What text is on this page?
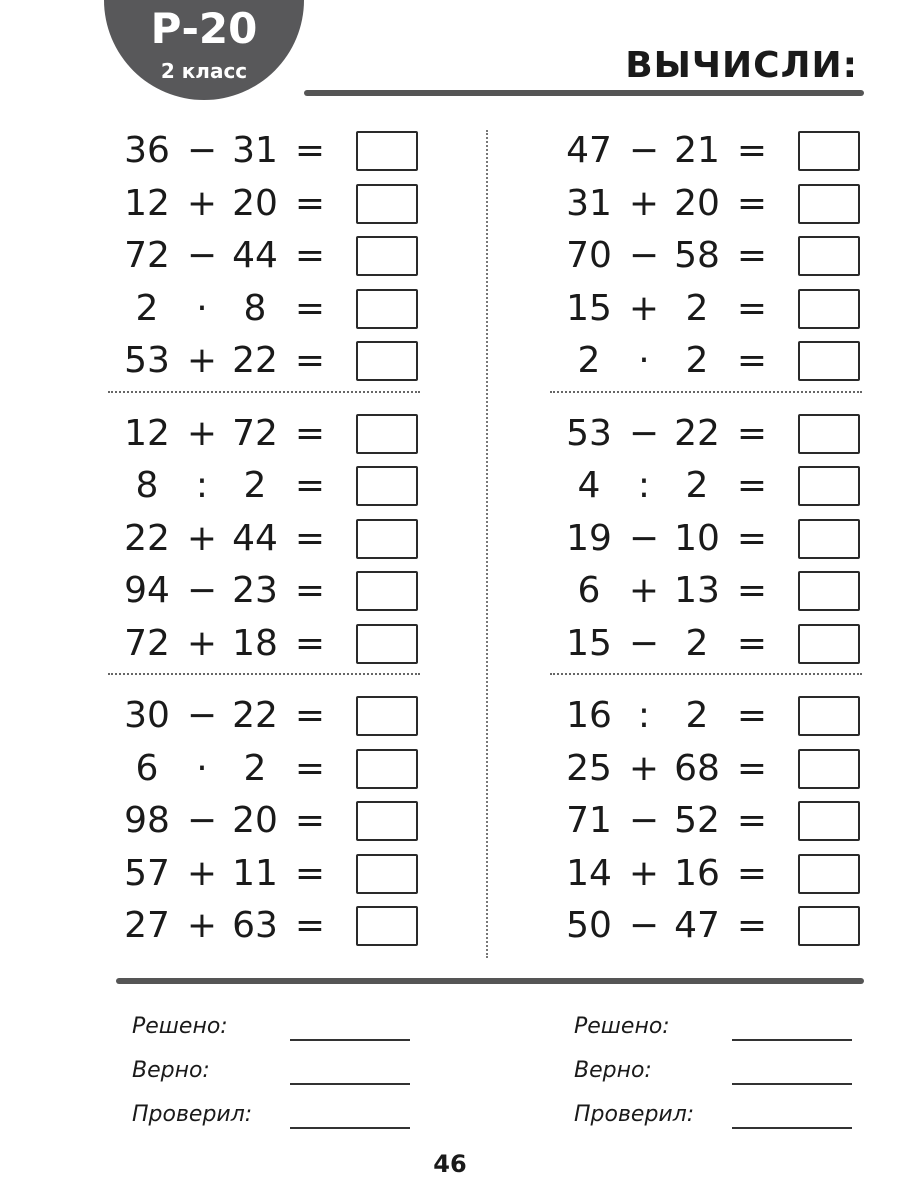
Р-20
2 класс	ВЫЧИСЛИ:
36 − 31 =
12 + 20 =
72 − 44 =
2	· 8 =
53 + 22 =
12 + 72 =
8	: 2 =
22 + 44 =
94 − 23 =
72 + 18 =
30 − 22 =
6	· 2 =
98 − 20 =
57 + 11 =
27 + 63 =
47 − 21 =
31 + 20 =
70 − 58 =
15 + 2 =
2	· 2 =
53 − 22 =
4	: 2 =
19 − 10 =
6 + 13 =
15 − 2 =
16 : 2 =
25 + 68 =
71 − 52 =
14 + 16 =
50 − 47 =
Решено:
Верно:
Проверил:
Решено:
Верно:
Проверил:
46
